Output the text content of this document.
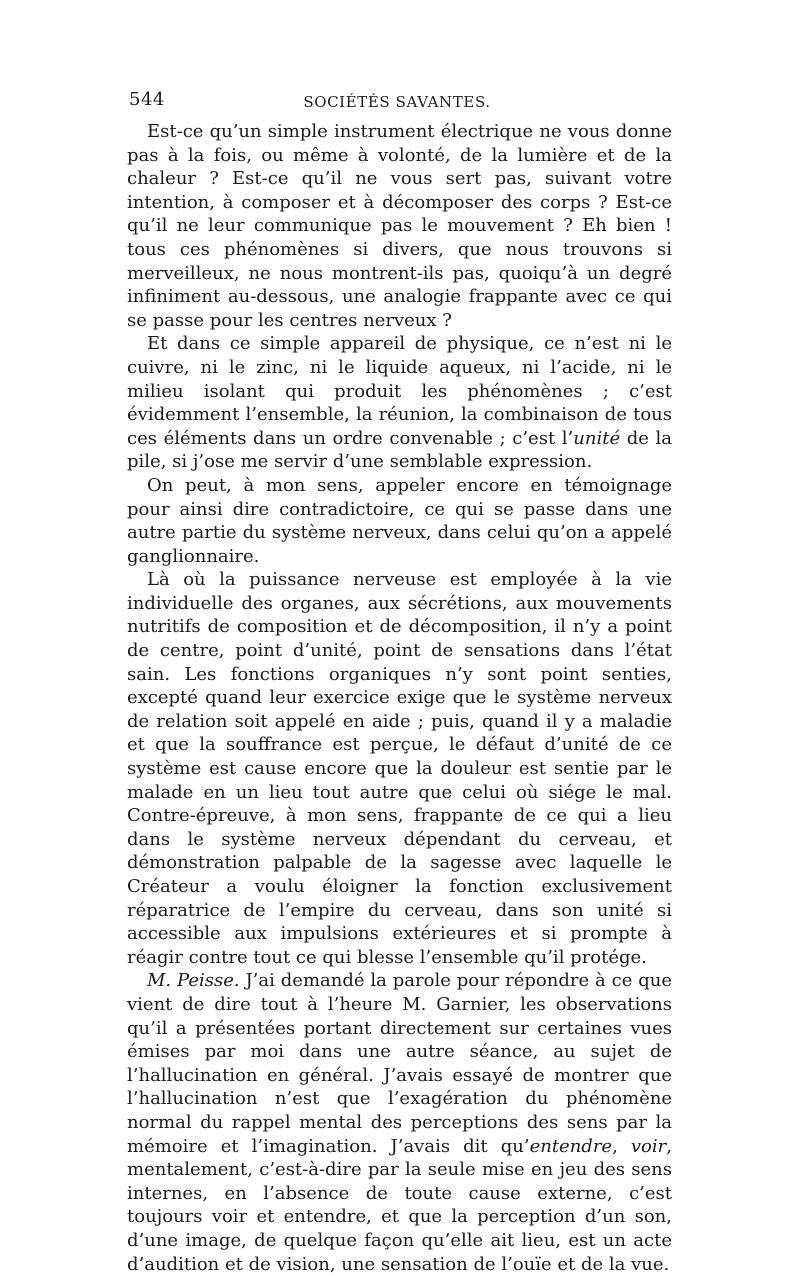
544	SOCIÉTÉS SAVANTES.

Est-ce qu’un simple instrument électrique ne vous donne pas à la fois, ou même à volonté, de la lumière et de la chaleur ? Est-ce qu’il ne vous sert pas, suivant votre intention, à composer et à décomposer des corps ? Est-ce qu’il ne leur communique pas le mouvement ? Eh bien ! tous ces phénomènes si divers, que nous trouvons si merveilleux, ne nous montrent-ils pas, quoiqu’à un degré infiniment au-dessous, une analogie frappante avec ce qui se passe pour les centres nerveux ?

Et dans ce simple appareil de physique, ce n’est ni le cuivre, ni le zinc, ni le liquide aqueux, ni l’acide, ni le milieu isolant qui produit les phénomènes ; c’est évidemment l’ensemble, la réunion, la combinaison de tous ces éléments dans un ordre convenable ; c’est l’unité de la pile, si j’ose me servir d’une semblable expression.

On peut, à mon sens, appeler encore en témoignage pour ainsi dire contradictoire, ce qui se passe dans une autre partie du système nerveux, dans celui qu’on a appelé ganglionnaire.

Là où la puissance nerveuse est employée à la vie individuelle des organes, aux sécrétions, aux mouvements nutritifs de composition et de décomposition, il n’y a point de centre, point d’unité, point de sensations dans l’état sain. Les fonctions organiques n’y sont point senties, excepté quand leur exercice exige que le système nerveux de relation soit appelé en aide ; puis, quand il y a maladie et que la souffrance est perçue, le défaut d’unité de ce système est cause encore que la douleur est sentie par le malade en un lieu tout autre que celui où siége le mal. Contre-épreuve, à mon sens, frappante de ce qui a lieu dans le système nerveux dépendant du cerveau, et démonstration palpable de la sagesse avec laquelle le Créateur a voulu éloigner la fonction exclusivement réparatrice de l’empire du cerveau, dans son unité si accessible aux impulsions extérieures et si prompte à réagir contre tout ce qui blesse l’ensemble qu’il protége.

M. Peisse. J’ai demandé la parole pour répondre à ce que vient de dire tout à l’heure M. Garnier, les observations qu’il a présentées portant directement sur certaines vues émises par moi dans une autre séance, au sujet de l’hallucination en général. J’avais essayé de montrer que l’hallucination n’est que l’exagération du phénomène normal du rappel mental des perceptions des sens par la mémoire et l’imagination. J’avais dit qu’entendre, voir, mentalement, c’est-à-dire par la seule mise en jeu des sens internes, en l’absence de toute cause externe, c’est toujours voir et entendre, et que la perception d’un son, d’une image, de quelque façon qu’elle ait lieu, est un acte d’audition et de vision, une sensation de l’ouïe et de la vue.
